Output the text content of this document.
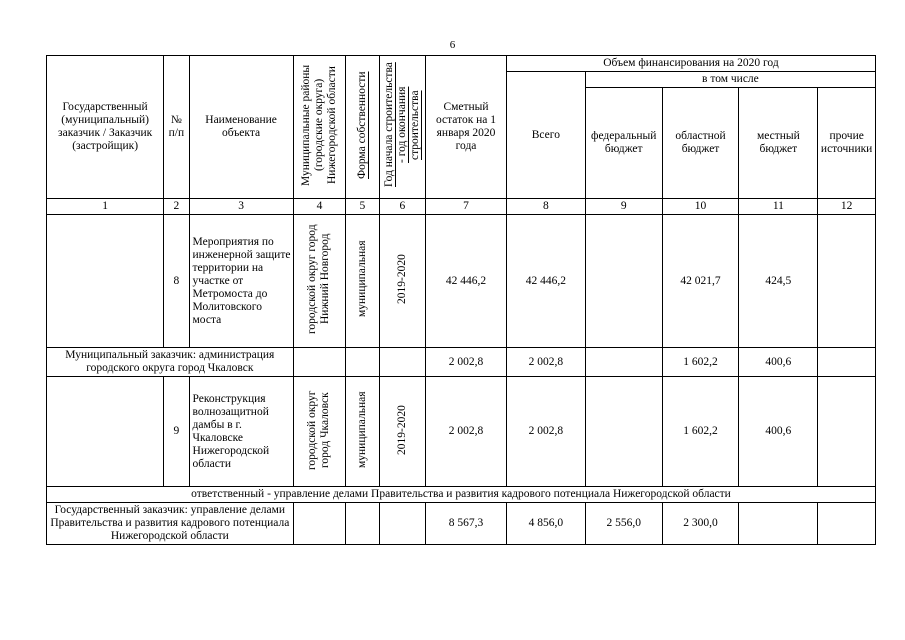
6
Государственный (муниципальный) заказчик / Заказчик (застройщик)	№ п/п	Наименование объекта	Муниципальные районы (городские округа) Нижегородской области	Форма собственности	Год начала строительства - год окончания строительства	Сметный остаток на 1 января 2020 года	Объем финансирования на 2020 год				
							Всего	в том числе			
								федеральный бюджет	областной бюджет	местный бюджет	прочие источники
1	2	3	4	5	6	7	8	9	10	11	12
	8	Мероприятия по инженерной защите территории на участке от Метромоста до Молитовского моста	городской округ город Нижний Новгород	муниципальная	2019-2020	42 446,2	42 446,2		42 021,7	424,5	
Муниципальный заказчик: администрация городского округа город Чкаловск						2 002,8	2 002,8		1 602,2	400,6	
	9	Реконструкция волнозащитной дамбы в г. Чкаловске Нижегородской области	городской округ город Чкаловск	муниципальная	2019-2020	2 002,8	2 002,8		1 602,2	400,6	
ответственный - управление делами Правительства и развития кадрового потенциала Нижегородской области											
Государственный заказчик: управление делами Правительства и развития кадрового потенциала Нижегородской области						8 567,3	4 856,0	2 556,0	2 300,0		
